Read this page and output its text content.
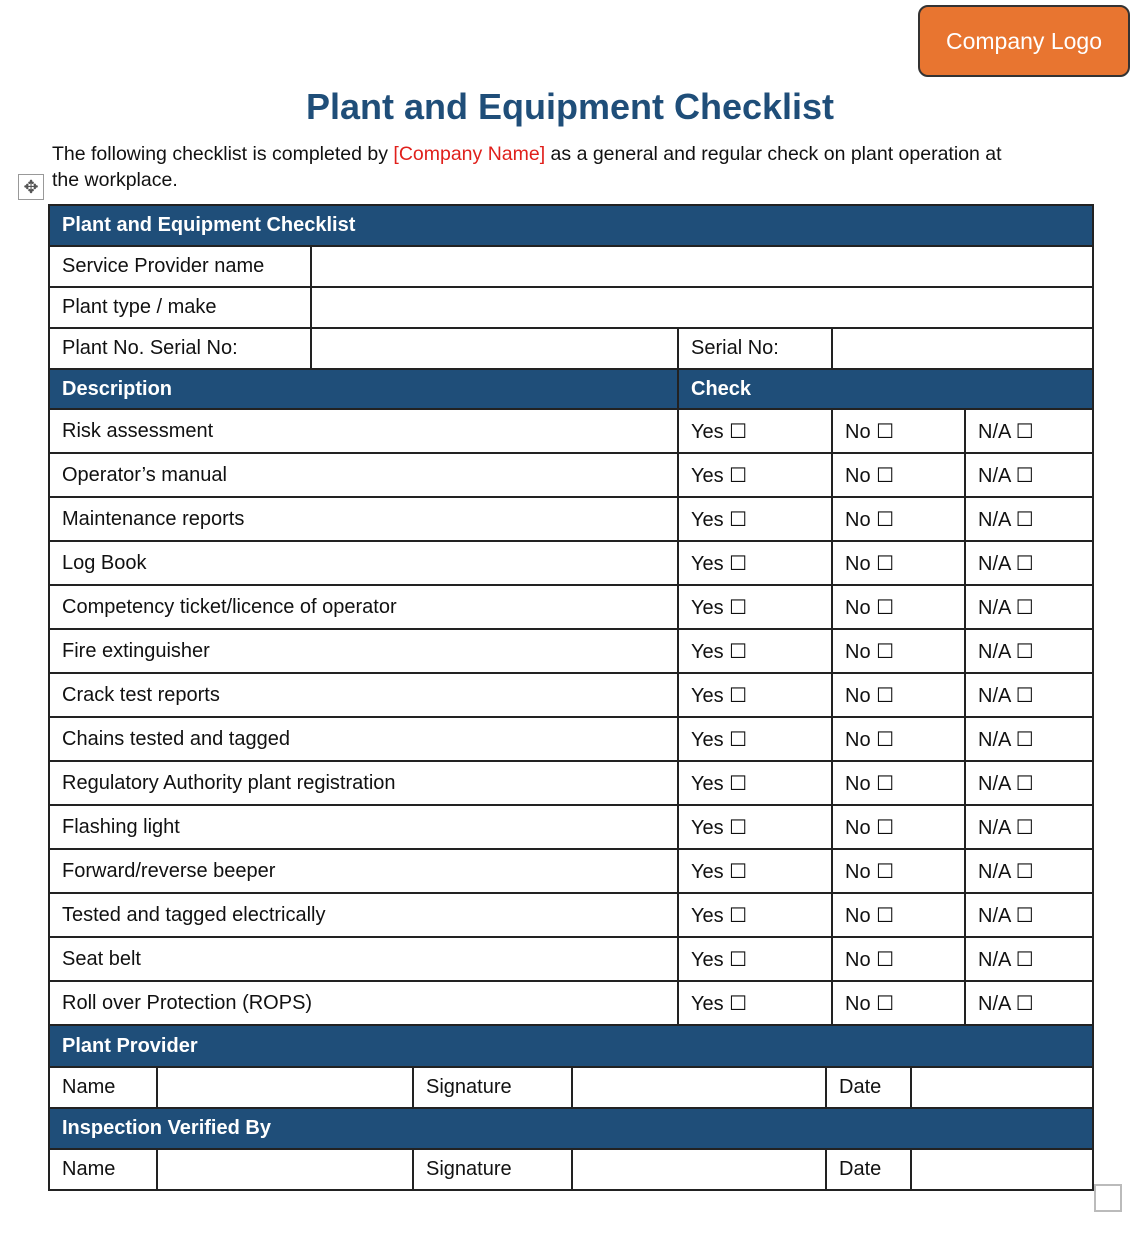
Company Logo
Plant and Equipment Checklist
The following checklist is completed by [Company Name] as a general and regular check on plant operation at the workplace.
✥
Plant and Equipment Checklist
Service Provider name
Plant type / make
Plant No. Serial No:	Serial No:
Description	Check
Risk assessment	Yes ☐	No ☐	N/A ☐
Operator’s manual	Yes ☐	No ☐	N/A ☐
Maintenance reports	Yes ☐	No ☐	N/A ☐
Log Book	Yes ☐	No ☐	N/A ☐
Competency ticket/licence of operator	Yes ☐	No ☐	N/A ☐
Fire extinguisher	Yes ☐	No ☐	N/A ☐
Crack test reports	Yes ☐	No ☐	N/A ☐
Chains tested and tagged	Yes ☐	No ☐	N/A ☐
Regulatory Authority plant registration	Yes ☐	No ☐	N/A ☐
Flashing light	Yes ☐	No ☐	N/A ☐
Forward/reverse beeper	Yes ☐	No ☐	N/A ☐
Tested and tagged electrically	Yes ☐	No ☐	N/A ☐
Seat belt	Yes ☐	No ☐	N/A ☐
Roll over Protection (ROPS)	Yes ☐	No ☐	N/A ☐
Plant Provider
Name	Signature	Date
Inspection Verified By
Name	Signature	Date
